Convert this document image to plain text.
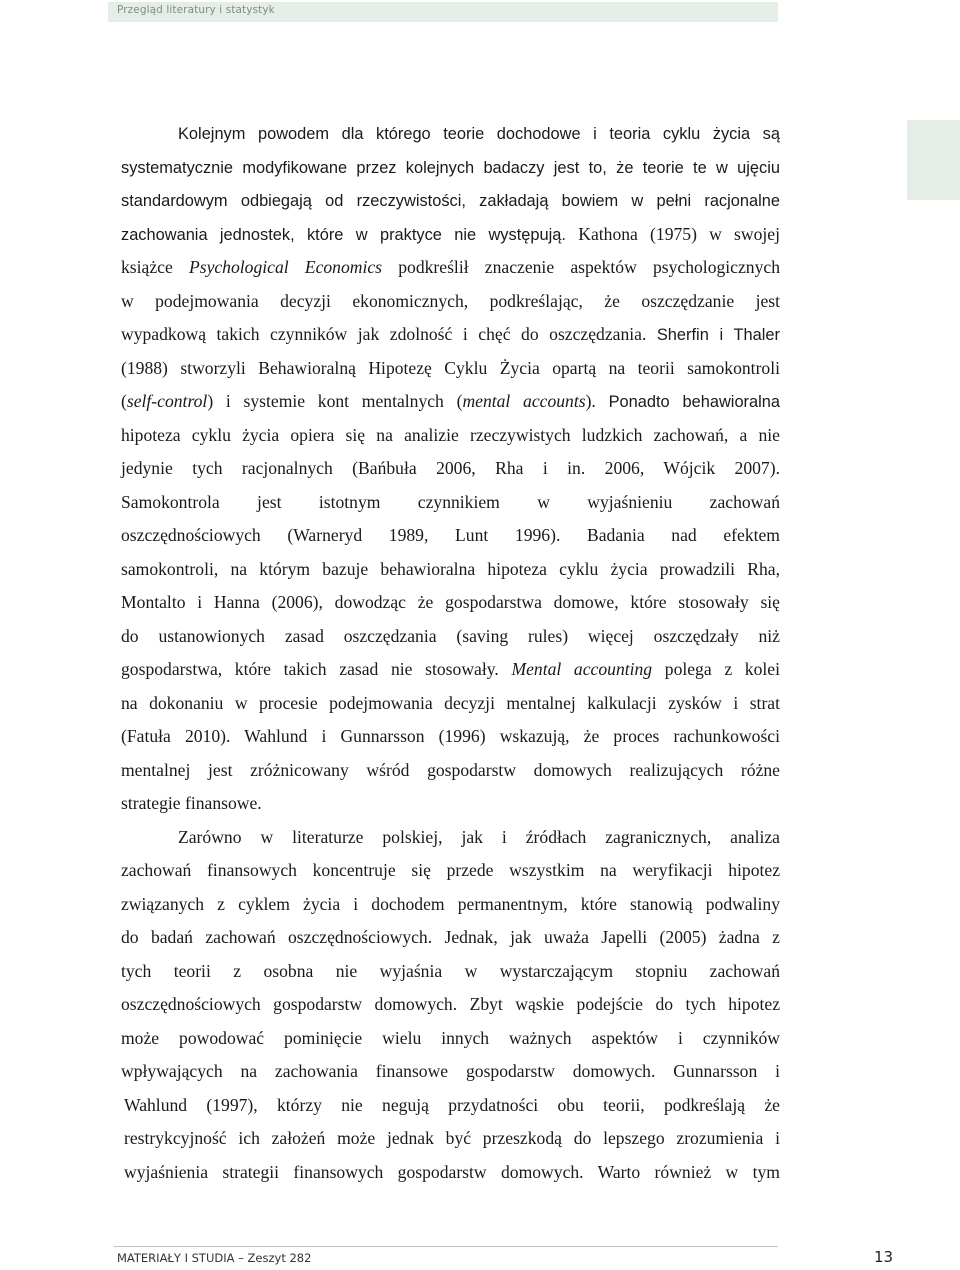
Przegląd literatury i statystyk
Kolejnym powodem dla którego teorie dochodowe i teoria cyklu życia są
systematycznie modyfikowane przez kolejnych badaczy jest to, że teorie te w ujęciu
standardowym odbiegają od rzeczywistości, zakładają bowiem w pełni racjonalne
zachowania jednostek, które w praktyce nie występują. Kathona (1975) w swojej
książce Psychological Economics podkreślił znaczenie aspektów psychologicznych
w podejmowania decyzji ekonomicznych, podkreślając, że oszczędzanie jest
wypadkową takich czynników jak zdolność i chęć do oszczędzania. Sherfin i Thaler
(1988) stworzyli Behawioralną Hipotezę Cyklu Życia opartą na teorii samokontroli
(self-control) i systemie kont mentalnych (mental accounts). Ponadto behawioralna
hipoteza cyklu życia opiera się na analizie rzeczywistych ludzkich zachowań, a nie
jedynie tych racjonalnych (Bańbuła 2006, Rha i in. 2006, Wójcik 2007).
Samokontrola jest istotnym czynnikiem w wyjaśnieniu zachowań
oszczędnościowych (Warneryd 1989, Lunt 1996). Badania nad efektem
samokontroli, na którym bazuje behawioralna hipoteza cyklu życia prowadzili Rha,
Montalto i Hanna (2006), dowodząc że gospodarstwa domowe, które stosowały się
do ustanowionych zasad oszczędzania (saving rules) więcej oszczędzały niż
gospodarstwa, które takich zasad nie stosowały. Mental accounting polega z kolei
na dokonaniu w procesie podejmowania decyzji mentalnej kalkulacji zysków i strat
(Fatuła 2010). Wahlund i Gunnarsson (1996) wskazują, że proces rachunkowości
mentalnej jest zróżnicowany wśród gospodarstw domowych realizujących różne
strategie finansowe.
Zarówno w literaturze polskiej, jak i źródłach zagranicznych, analiza
zachowań finansowych koncentruje się przede wszystkim na weryfikacji hipotez
związanych z cyklem życia i dochodem permanentnym, które stanowią podwaliny
do badań zachowań oszczędnościowych. Jednak, jak uważa Japelli (2005) żadna z
tych teorii z osobna nie wyjaśnia w wystarczającym stopniu zachowań
oszczędnościowych gospodarstw domowych. Zbyt wąskie podejście do tych hipotez
może powodować pominięcie wielu innych ważnych aspektów i czynników
wpływających na zachowania finansowe gospodarstw domowych. Gunnarsson i
Wahlund (1997), którzy nie negują przydatności obu teorii, podkreślają że
restrykcyjność ich założeń może jednak być przeszkodą do lepszego zrozumienia i
wyjaśnienia strategii finansowych gospodarstw domowych. Warto również w tym
MATERIAŁY I STUDIA – Zeszyt 282	13
